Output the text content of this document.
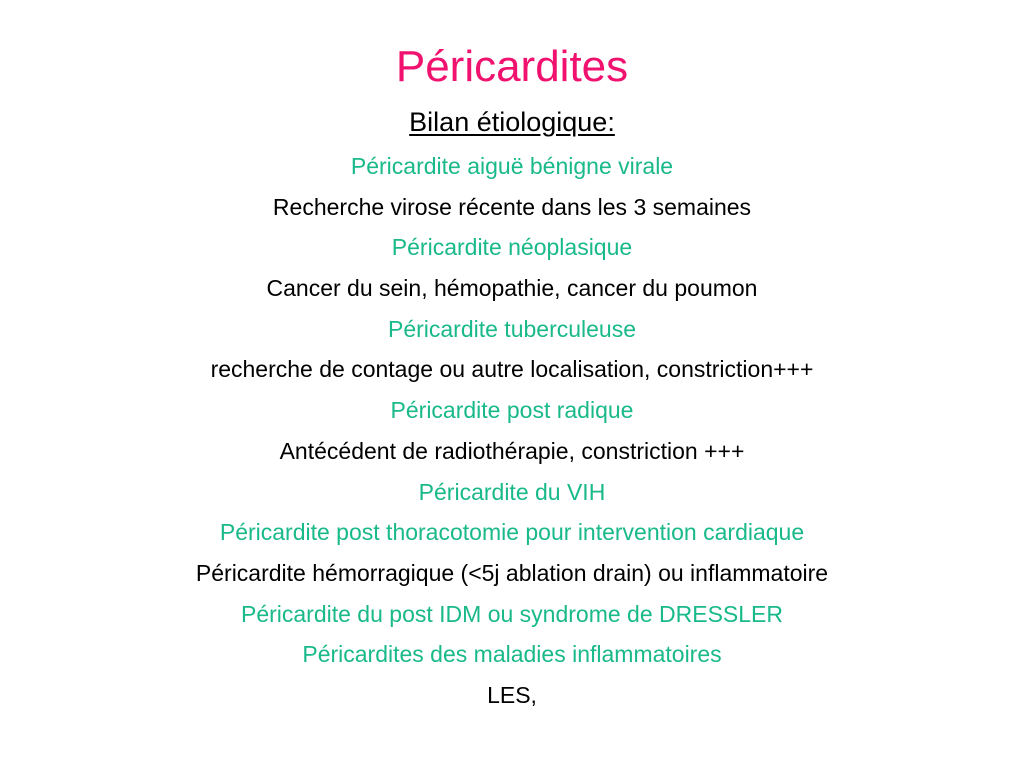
Péricardites
Bilan étiologique:
Péricardite aiguë bénigne virale
Recherche virose récente dans les 3 semaines
Péricardite néoplasique
Cancer du sein, hémopathie, cancer du poumon
Péricardite tuberculeuse
recherche de contage ou autre localisation, constriction+++
Péricardite post radique
Antécédent de radiothérapie, constriction +++
Péricardite du VIH
Péricardite post thoracotomie pour intervention cardiaque
Péricardite hémorragique (<5j ablation drain) ou inflammatoire
Péricardite du post IDM ou syndrome de DRESSLER
Péricardites des maladies inflammatoires
LES,
